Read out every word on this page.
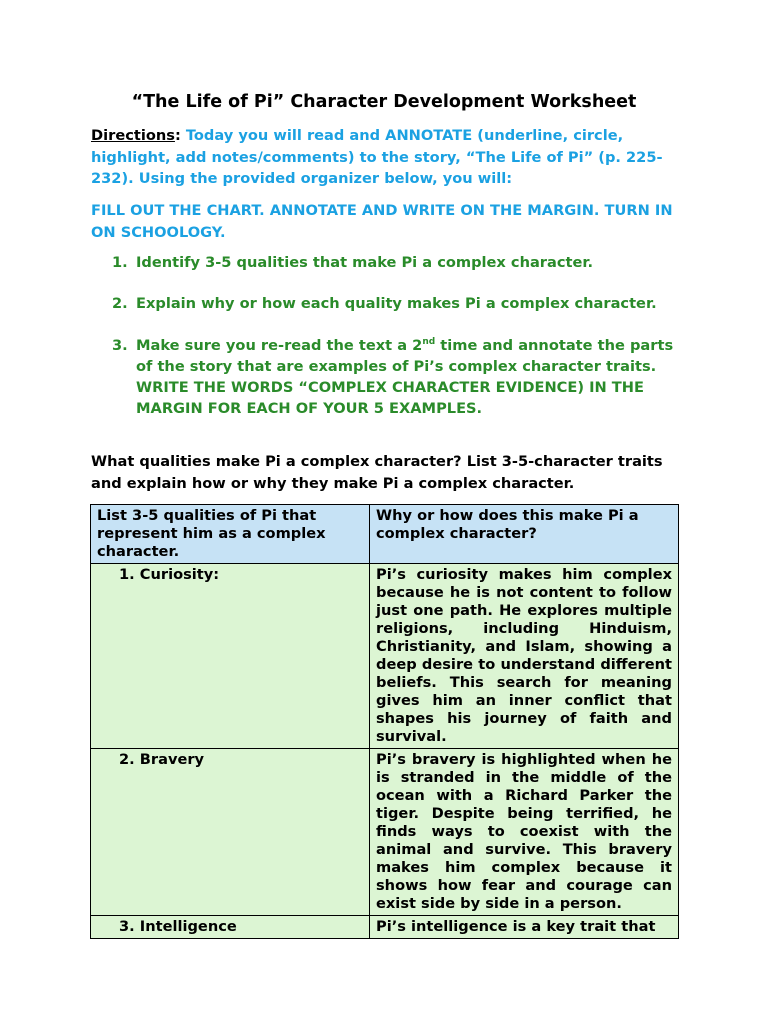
“The Life of Pi” Character Development Worksheet
Directions: Today you will read and ANNOTATE (underline, circle, highlight, add notes/comments) to the story, “The Life of Pi” (p. 225-232). Using the provided organizer below, you will:
FILL OUT THE CHART. ANNOTATE AND WRITE ON THE MARGIN. TURN IN ON SCHOOLOGY.
1. Identify 3-5 qualities that make Pi a complex character.
2. Explain why or how each quality makes Pi a complex character.
3. Make sure you re-read the text a 2nd time and annotate the parts of the story that are examples of Pi’s complex character traits. WRITE THE WORDS “COMPLEX CHARACTER EVIDENCE) IN THE MARGIN FOR EACH OF YOUR 5 EXAMPLES.
What qualities make Pi a complex character? List 3-5-character traits and explain how or why they make Pi a complex character.
List 3-5 qualities of Pi that represent him as a complex character.	Why or how does this make Pi a complex character?
1. Curiosity:	Pi’s curiosity makes him complex because he is not content to follow just one path. He explores multiple religions, including Hinduism, Christianity, and Islam, showing a deep desire to understand different beliefs. This search for meaning gives him an inner conflict that shapes his journey of faith and survival.
2. Bravery	Pi’s bravery is highlighted when he is stranded in the middle of the ocean with a Richard Parker the tiger. Despite being terrified, he finds ways to coexist with the animal and survive. This bravery makes him complex because it shows how fear and courage can exist side by side in a person.
3. Intelligence	Pi’s intelligence is a key trait that
